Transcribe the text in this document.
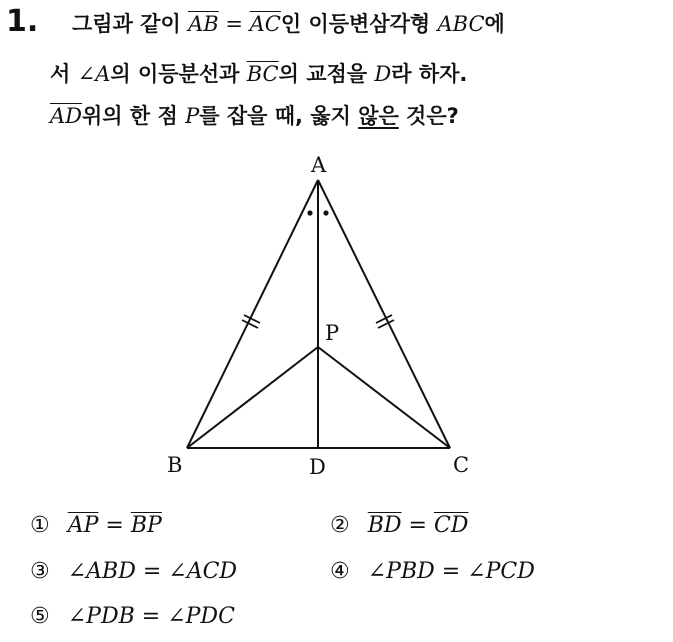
1. 그림과 같이 $\overline{AB} = \overline{AC}$인 이등변삼각형 ABC에
서 ∠A의 이등분선과 $\overline{BC}$의 교점을 D라 하자.
$\overline{AD}$위의 한 점 P를 잡을 때, 옳지 않은 것은?
A
B	C
D
P
① $\overline{AP} = \overline{BP}$	② $\overline{BD} = \overline{CD}$
③ ∠ABD = ∠ACD	④ ∠PBD = ∠PCD
⑤ ∠PDB = ∠PDC
